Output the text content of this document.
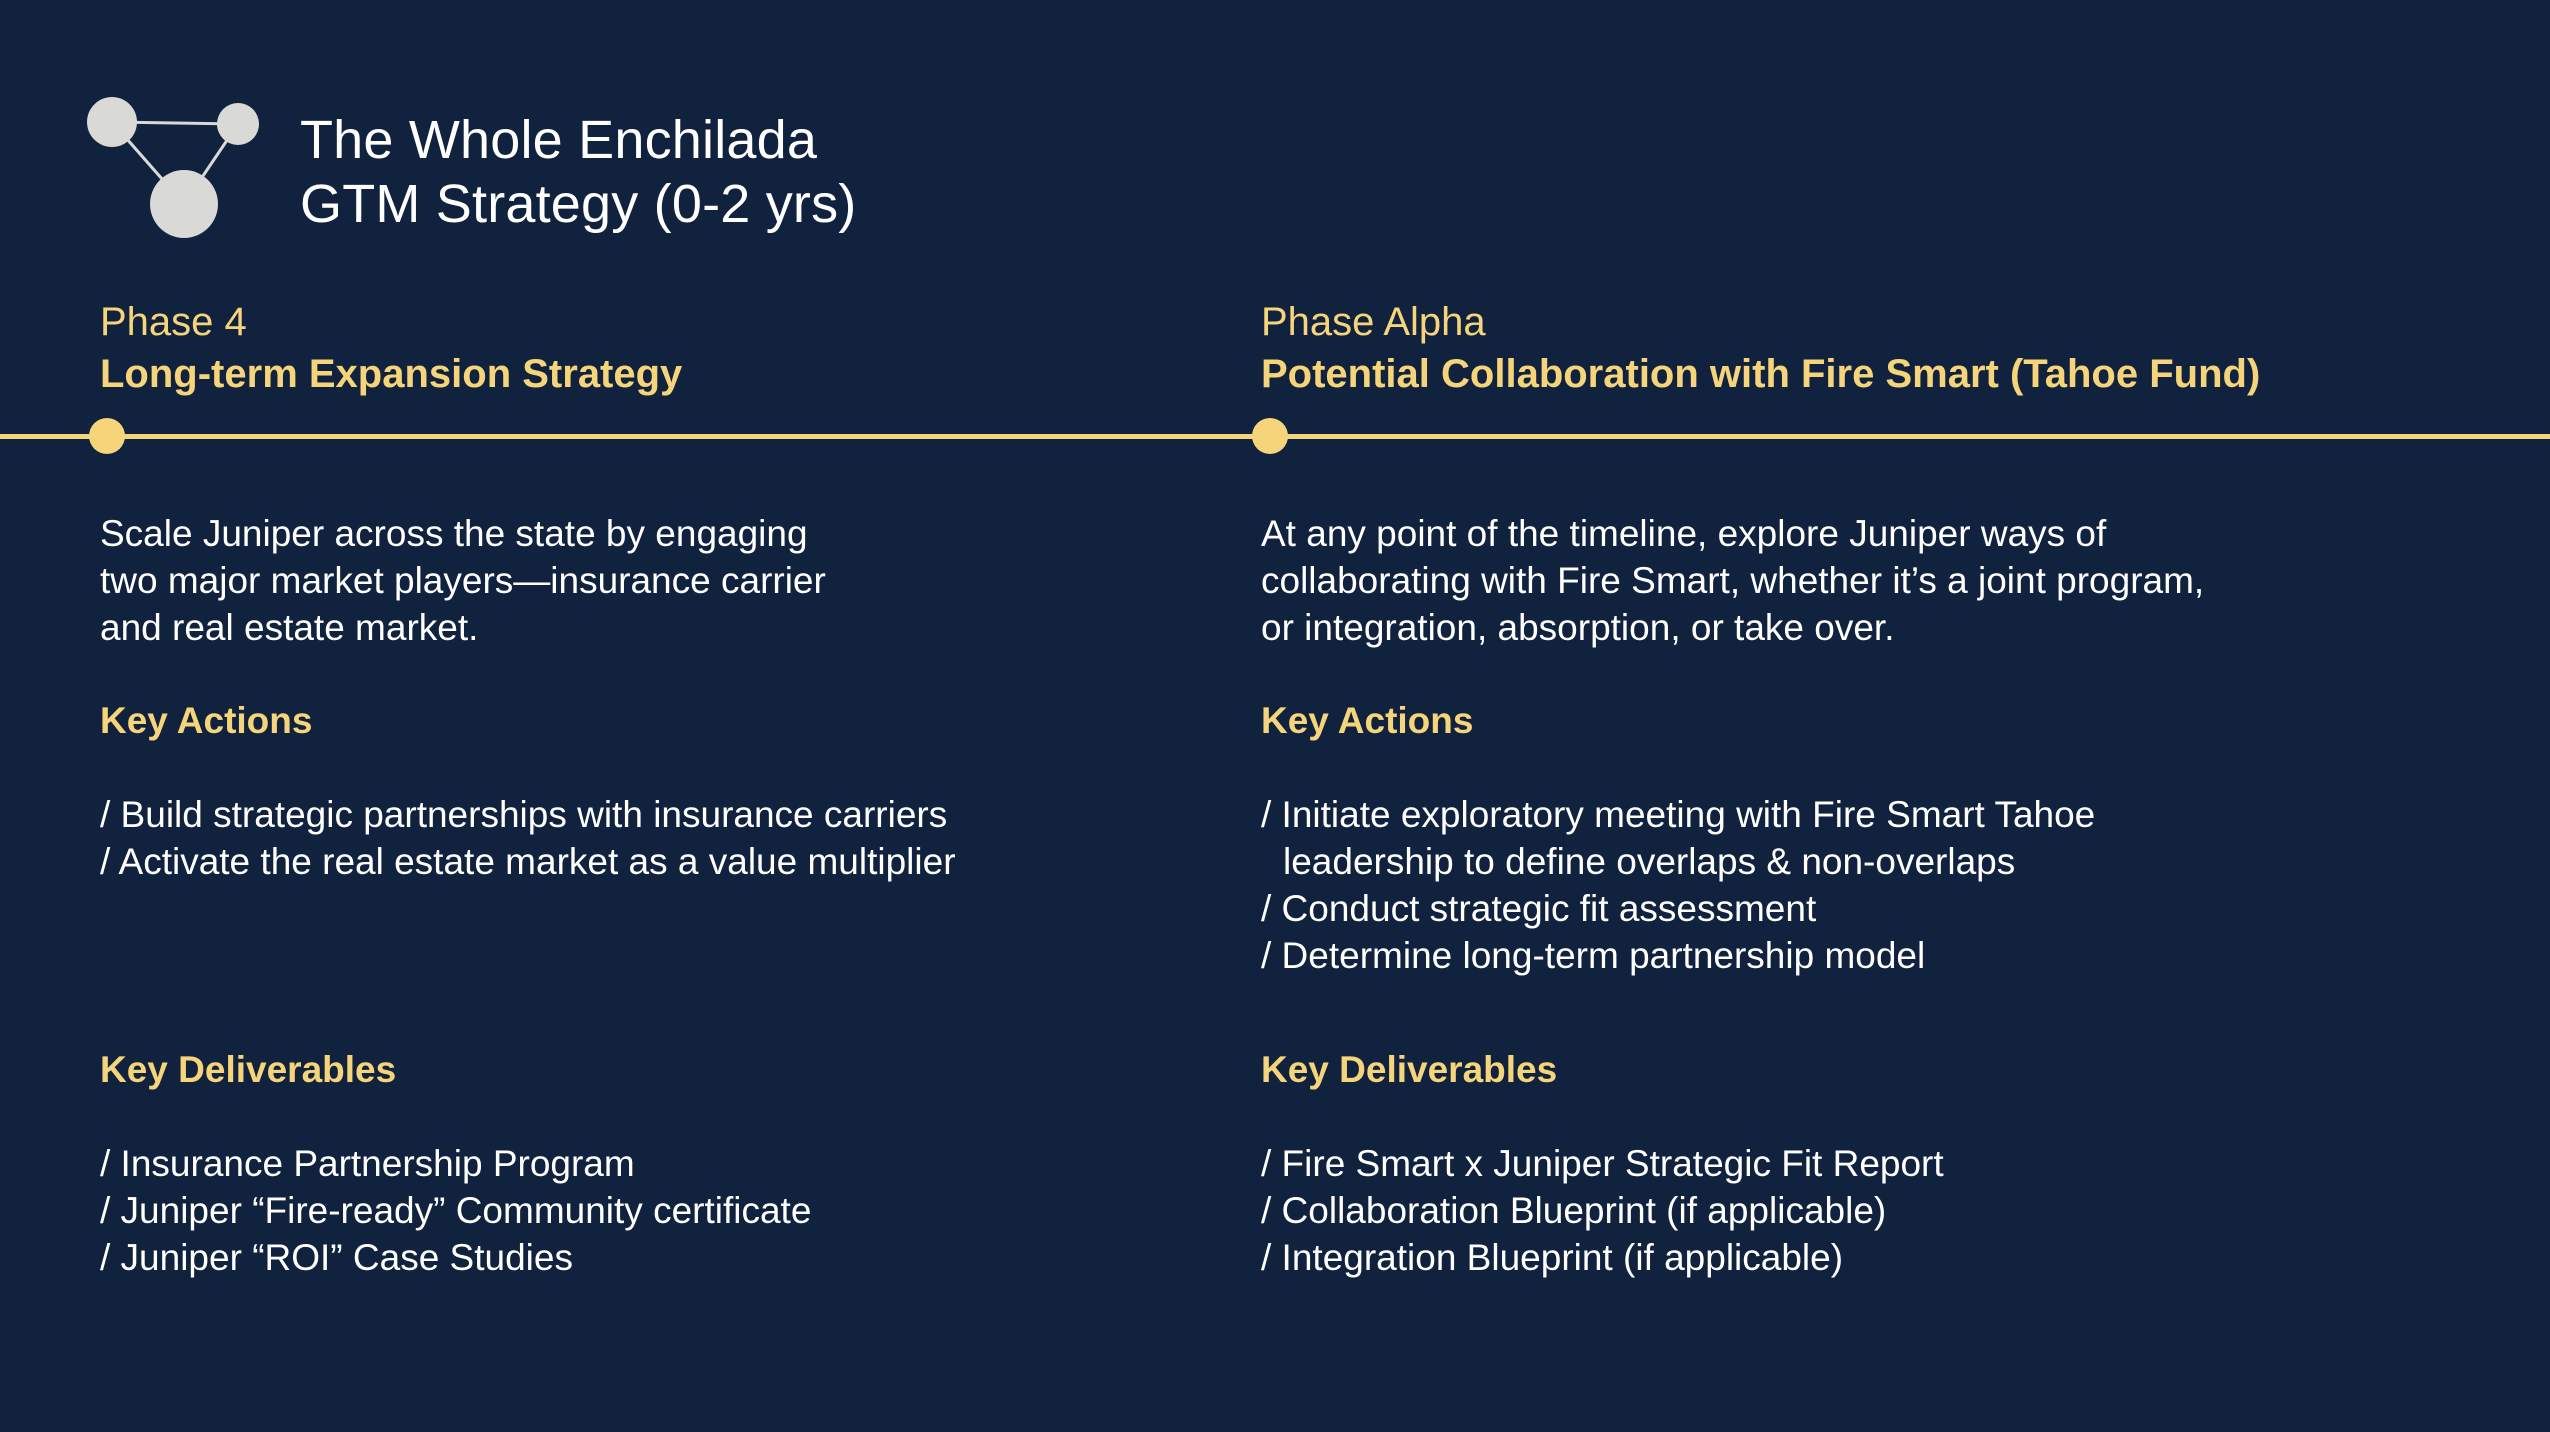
The Whole Enchilada
GTM Strategy (0-2 yrs)
Phase 4
Long-term Expansion Strategy
Phase Alpha
Potential Collaboration with Fire Smart (Tahoe Fund)

Scale Juniper across the state by engaging
two major market players—insurance carrier
and real estate market.

Key Actions
/ Build strategic partnerships with insurance carriers
/ Activate the real estate market as a value multiplier
Key Deliverables
/ Insurance Partnership Program
/ Juniper “Fire-ready” Community certificate
/ Juniper “ROI” Case Studies

At any point of the timeline, explore Juniper ways of
collaborating with Fire Smart, whether it’s a joint program,
or integration, absorption, or take over.

Key Actions
/ Initiate exploratory meeting with Fire Smart Tahoe
leadership to define overlaps & non-overlaps
/ Conduct strategic fit assessment
/ Determine long-term partnership model
Key Deliverables
/ Fire Smart x Juniper Strategic Fit Report
/ Collaboration Blueprint (if applicable)
/ Integration Blueprint (if applicable)
